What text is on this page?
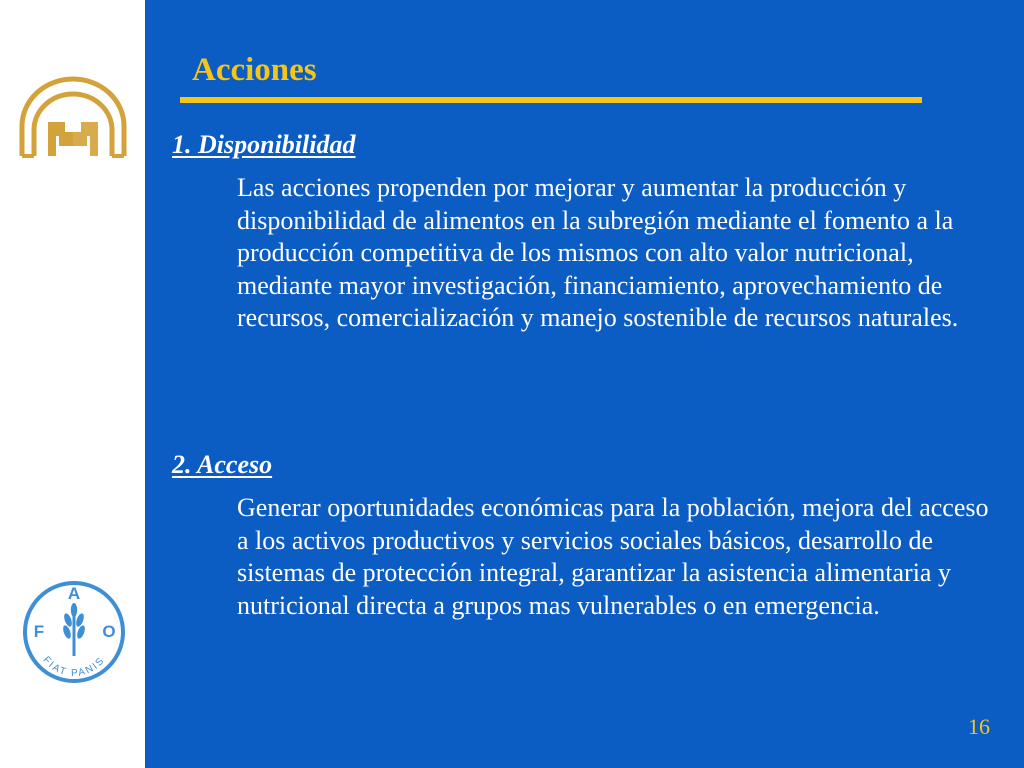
F
A
O
FIAT PANIS
Acciones
1. Disponibilidad

Las acciones propenden por mejorar y aumentar la producción y disponibilidad de alimentos en la subregión mediante el fomento a la producción competitiva de los mismos con alto valor nutricional, mediante mayor investigación, financiamiento, aprovechamiento de recursos, comercialización y manejo sostenible de recursos naturales.

2. Acceso

Generar oportunidades económicas para la población, mejora del acceso a los activos productivos y servicios sociales básicos, desarrollo de sistemas de protección integral, garantizar la asistencia alimentaria y nutricional directa a grupos mas vulnerables o en emergencia.

16
